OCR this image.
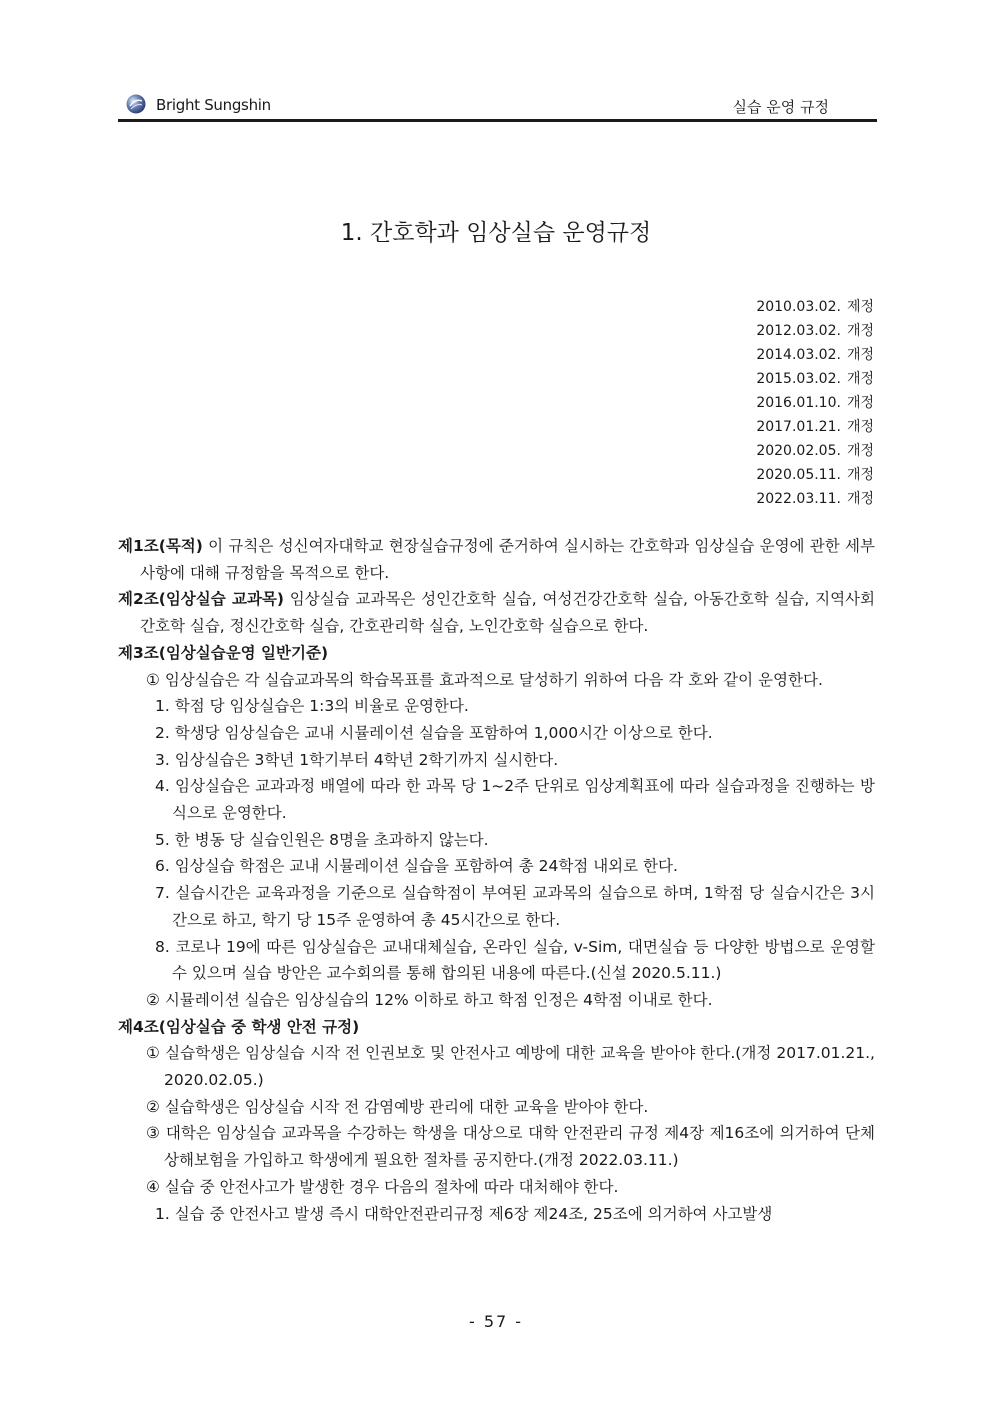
Bright Sungshin	실습 운영 규정
1. 간호학과 임상실습 운영규정
2010.03.02. 제정
2012.03.02. 개정
2014.03.02. 개정
2015.03.02. 개정
2016.01.10. 개정
2017.01.21. 개정
2020.02.05. 개정
2020.05.11. 개정
2022.03.11. 개정
제1조(목적) 이 규칙은 성신여자대학교 현장실습규정에 준거하여 실시하는 간호학과 임상실습 운영에 관한 세부사항에 대해 규정함을 목적으로 한다.
제2조(임상실습 교과목) 임상실습 교과목은 성인간호학 실습, 여성건강간호학 실습, 아동간호학 실습, 지역사회간호학 실습, 정신간호학 실습, 간호관리학 실습, 노인간호학 실습으로 한다.
제3조(임상실습운영 일반기준)
① 임상실습은 각 실습교과목의 학습목표를 효과적으로 달성하기 위하여 다음 각 호와 같이 운영한다.
1. 학점 당 임상실습은 1:3의 비율로 운영한다.
2. 학생당 임상실습은 교내 시뮬레이션 실습을 포함하여 1,000시간 이상으로 한다.
3. 임상실습은 3학년 1학기부터 4학년 2학기까지 실시한다.
4. 임상실습은 교과과정 배열에 따라 한 과목 당 1~2주 단위로 임상계획표에 따라 실습과정을 진행하는 방식으로 운영한다.
5. 한 병동 당 실습인원은 8명을 초과하지 않는다.
6. 임상실습 학점은 교내 시뮬레이션 실습을 포함하여 총 24학점 내외로 한다.
7. 실습시간은 교육과정을 기준으로 실습학점이 부여된 교과목의 실습으로 하며, 1학점 당 실습시간은 3시간으로 하고, 학기 당 15주 운영하여 총 45시간으로 한다.
8. 코로나 19에 따른 임상실습은 교내대체실습, 온라인 실습, v-Sim, 대면실습 등 다양한 방법으로 운영할 수 있으며 실습 방안은 교수회의를 통해 합의된 내용에 따른다.(신설 2020.5.11.)
② 시뮬레이션 실습은 임상실습의 12% 이하로 하고 학점 인정은 4학점 이내로 한다.
제4조(임상실습 중 학생 안전 규정)
① 실습학생은 임상실습 시작 전 인권보호 및 안전사고 예방에 대한 교육을 받아야 한다.(개정 2017.01.21., 2020.02.05.)
② 실습학생은 임상실습 시작 전 감염예방 관리에 대한 교육을 받아야 한다.
③ 대학은 임상실습 교과목을 수강하는 학생을 대상으로 대학 안전관리 규정 제4장 제16조에 의거하여 단체 상해보험을 가입하고 학생에게 필요한 절차를 공지한다.(개정 2022.03.11.)
④ 실습 중 안전사고가 발생한 경우 다음의 절차에 따라 대처해야 한다.
1. 실습 중 안전사고 발생 즉시 대학안전관리규정 제6장 제24조, 25조에 의거하여 사고발생
- 57 -
